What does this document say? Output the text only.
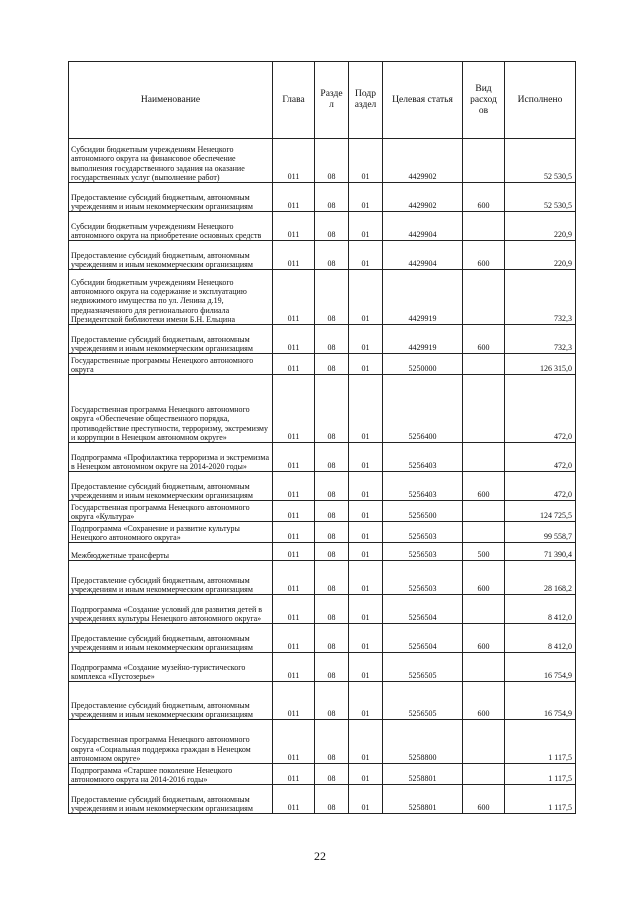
Наименование	Глава	Разде л	Подр аздел	Целевая статья	Вид расход ов	Исполнено
Субсидии бюджетным учреждениям Ненецкого автономного округа на финансовое обеспечение выполнения государственного задания на оказание государственных услуг (выполнение работ)	011	08	01	4429902		52 530,5
Предоставление субсидий бюджетным, автономным учреждениям и иным некоммерческим организациям	011	08	01	4429902	600	52 530,5
Субсидии бюджетным учреждениям Ненецкого автономного округа на приобретение основных средств	011	08	01	4429904		220,9
Предоставление субсидий бюджетным, автономным учреждениям и иным некоммерческим организациям	011	08	01	4429904	600	220,9
Субсидии бюджетным учреждениям Ненецкого автономного округа на содержание и эксплуатацию недвижимого имущества по ул. Ленина д.19, предназначенного для регионального филиала Президентской библиотеки имени Б.Н. Ельцина	011	08	01	4429919		732,3
Предоставление субсидий бюджетным, автономным учреждениям и иным некоммерческим организациям	011	08	01	4429919	600	732,3
Государственные программы Ненецкого автономного округа	011	08	01	5250000		126 315,0
Государственная программа Ненецкого автономного округа «Обеспечение общественного порядка, противодействие преступности, терроризму, экстремизму и коррупции в Ненецком автономном округе»	011	08	01	5256400		472,0
Подпрограмма «Профилактика терроризма и экстремизма в Ненецком автономном округе на 2014-2020 годы»	011	08	01	5256403		472,0
Предоставление субсидий бюджетным, автономным учреждениям и иным некоммерческим организациям	011	08	01	5256403	600	472,0
Государственная программа Ненецкого автономного округа «Культура»	011	08	01	5256500		124 725,5
Подпрограмма «Сохранение и развитие культуры Ненецкого автономного округа»	011	08	01	5256503		99 558,7
Межбюджетные трансферты	011	08	01	5256503	500	71 390,4
Предоставление субсидий бюджетным, автономным учреждениям и иным некоммерческим организациям	011	08	01	5256503	600	28 168,2
Подпрограмма «Создание условий для развития детей в учреждениях культуры Ненецкого автономного округа»	011	08	01	5256504		8 412,0
Предоставление субсидий бюджетным, автономным учреждениям и иным некоммерческим организациям	011	08	01	5256504	600	8 412,0
Подпрограмма «Создание музейно-туристического комплекса «Пустозерье»	011	08	01	5256505		16 754,9
Предоставление субсидий бюджетным, автономным учреждениям и иным некоммерческим организациям	011	08	01	5256505	600	16 754,9
Государственная программа Ненецкого автономного округа «Социальная поддержка граждан в Ненецком автономном округе»	011	08	01	5258800		1 117,5
Подпрограмма «Старшее поколение Ненецкого автономного округа на 2014-2016 годы»	011	08	01	5258801		1 117,5
Предоставление субсидий бюджетным, автономным учреждениям и иным некоммерческим организациям	011	08	01	5258801	600	1 117,5
22
